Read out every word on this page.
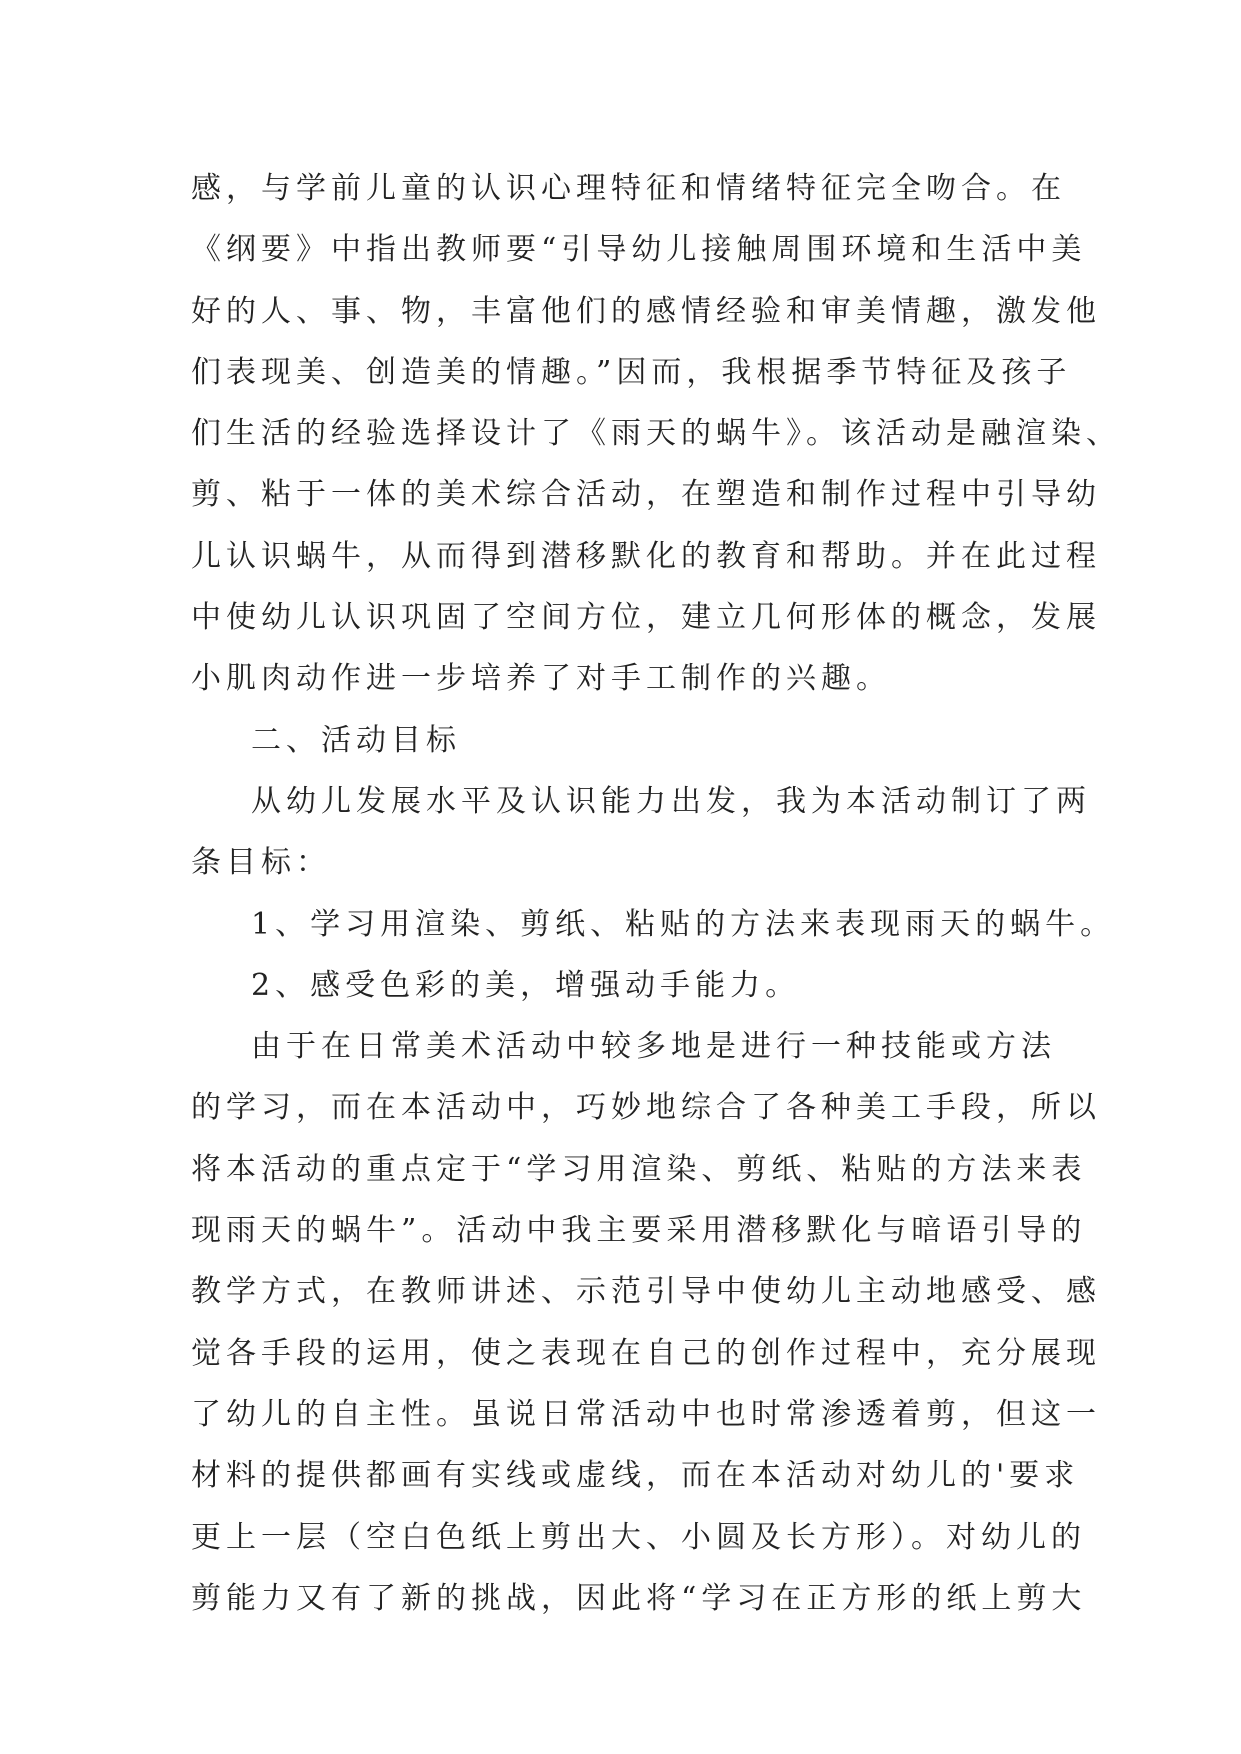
感，与学前儿童的认识心理特征和情绪特征完全吻合。在
《纲要》中指出教师要“引导幼儿接触周围环境和生活中美
好的人、事、物，丰富他们的感情经验和审美情趣，激发他
们表现美、创造美的情趣。”因而，我根据季节特征及孩子
们生活的经验选择设计了《雨天的蜗牛》。该活动是融渲染、
剪、粘于一体的美术综合活动，在塑造和制作过程中引导幼
儿认识蜗牛，从而得到潜移默化的教育和帮助。并在此过程
中使幼儿认识巩固了空间方位，建立几何形体的概念，发展
小肌肉动作进一步培养了对手工制作的兴趣。
二、活动目标
从幼儿发展水平及认识能力出发，我为本活动制订了两
条目标：
1、学习用渲染、剪纸、粘贴的方法来表现雨天的蜗牛。
2、感受色彩的美，增强动手能力。
由于在日常美术活动中较多地是进行一种技能或方法
的学习，而在本活动中，巧妙地综合了各种美工手段，所以
将本活动的重点定于“学习用渲染、剪纸、粘贴的方法来表
现雨天的蜗牛”。活动中我主要采用潜移默化与暗语引导的
教学方式，在教师讲述、示范引导中使幼儿主动地感受、感
觉各手段的运用，使之表现在自己的创作过程中，充分展现
了幼儿的自主性。虽说日常活动中也时常渗透着剪，但这一
材料的提供都画有实线或虚线，而在本活动对幼儿的'要求
更上一层（空白色纸上剪出大、小圆及长方形）。对幼儿的
剪能力又有了新的挑战，因此将“学习在正方形的纸上剪大
